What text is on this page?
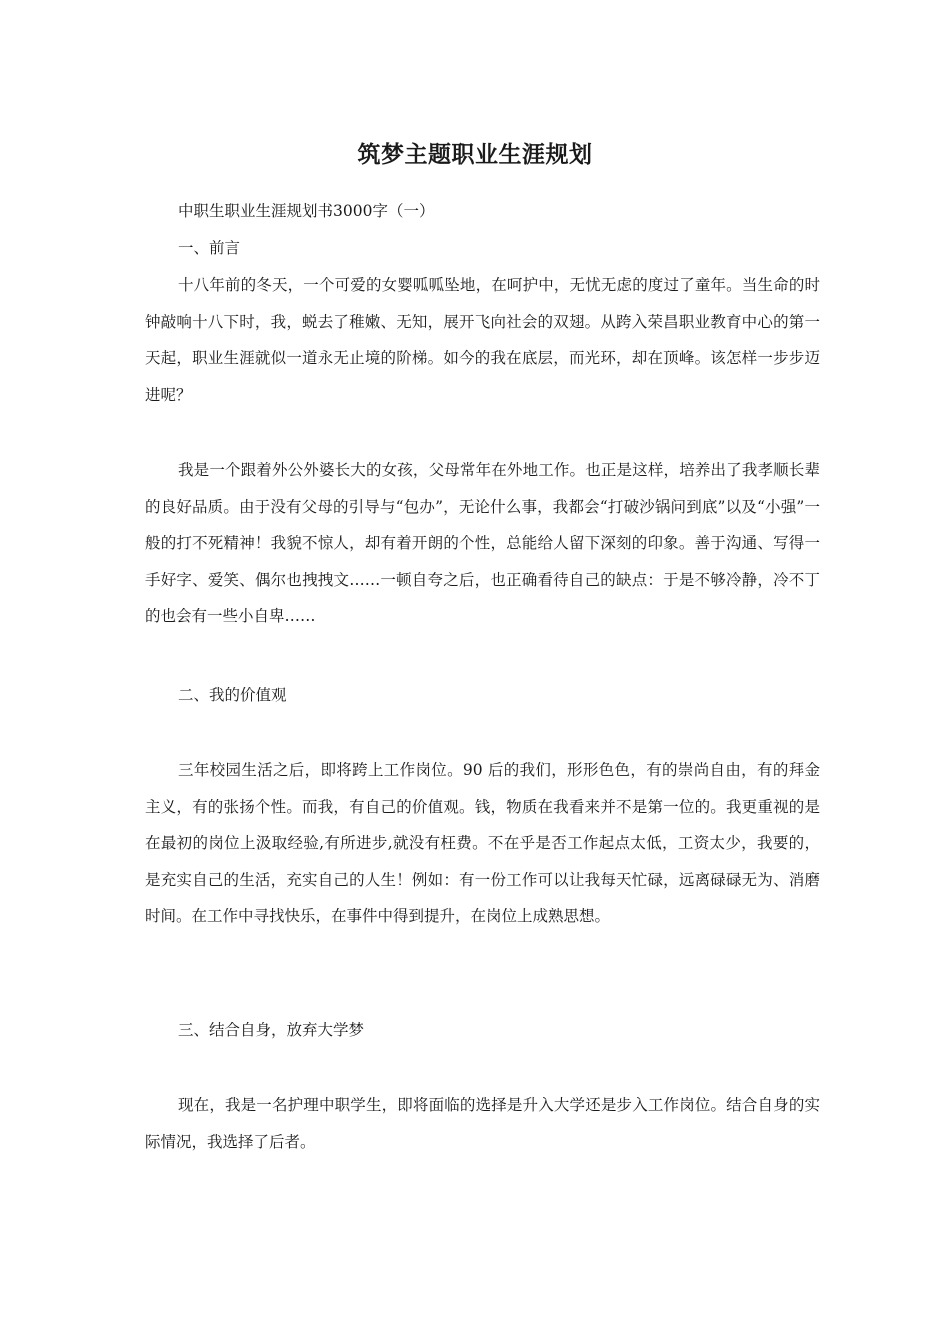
筑梦主题职业生涯规划

中职生职业生涯规划书3000字（一）

一、前言

十八年前的冬天，一个可爱的女婴呱呱坠地，在呵护中，无忧无虑的度过了童年。当生命的时钟敲响十八下时，我，蜕去了稚嫩、无知，展开飞向社会的双翅。从跨入荣昌职业教育中心的第一天起，职业生涯就似一道永无止境的阶梯。如今的我在底层，而光环，却在顶峰。该怎样一步步迈进呢？

我是一个跟着外公外婆长大的女孩，父母常年在外地工作。也正是这样，培养出了我孝顺长辈的良好品质。由于没有父母的引导与“包办”，无论什么事，我都会“打破沙锅问到底”以及“小强”一般的打不死精神！我貌不惊人，却有着开朗的个性，总能给人留下深刻的印象。善于沟通、写得一手好字、爱笑、偶尔也拽拽文……一顿自夸之后，也正确看待自己的缺点：于是不够冷静，冷不丁的也会有一些小自卑……

二、我的价值观

三年校园生活之后，即将跨上工作岗位。90 后的我们，形形色色，有的崇尚自由，有的拜金主义，有的张扬个性。而我，有自己的价值观。钱，物质在我看来并不是第一位的。我更重视的是在最初的岗位上汲取经验,有所进步,就没有枉费。不在乎是否工作起点太低，工资太少，我要的，是充实自己的生活，充实自己的人生！例如：有一份工作可以让我每天忙碌，远离碌碌无为、消磨时间。在工作中寻找快乐，在事件中得到提升，在岗位上成熟思想。

三、结合自身，放弃大学梦

现在，我是一名护理中职学生，即将面临的选择是升入大学还是步入工作岗位。结合自身的实际情况，我选择了后者。
